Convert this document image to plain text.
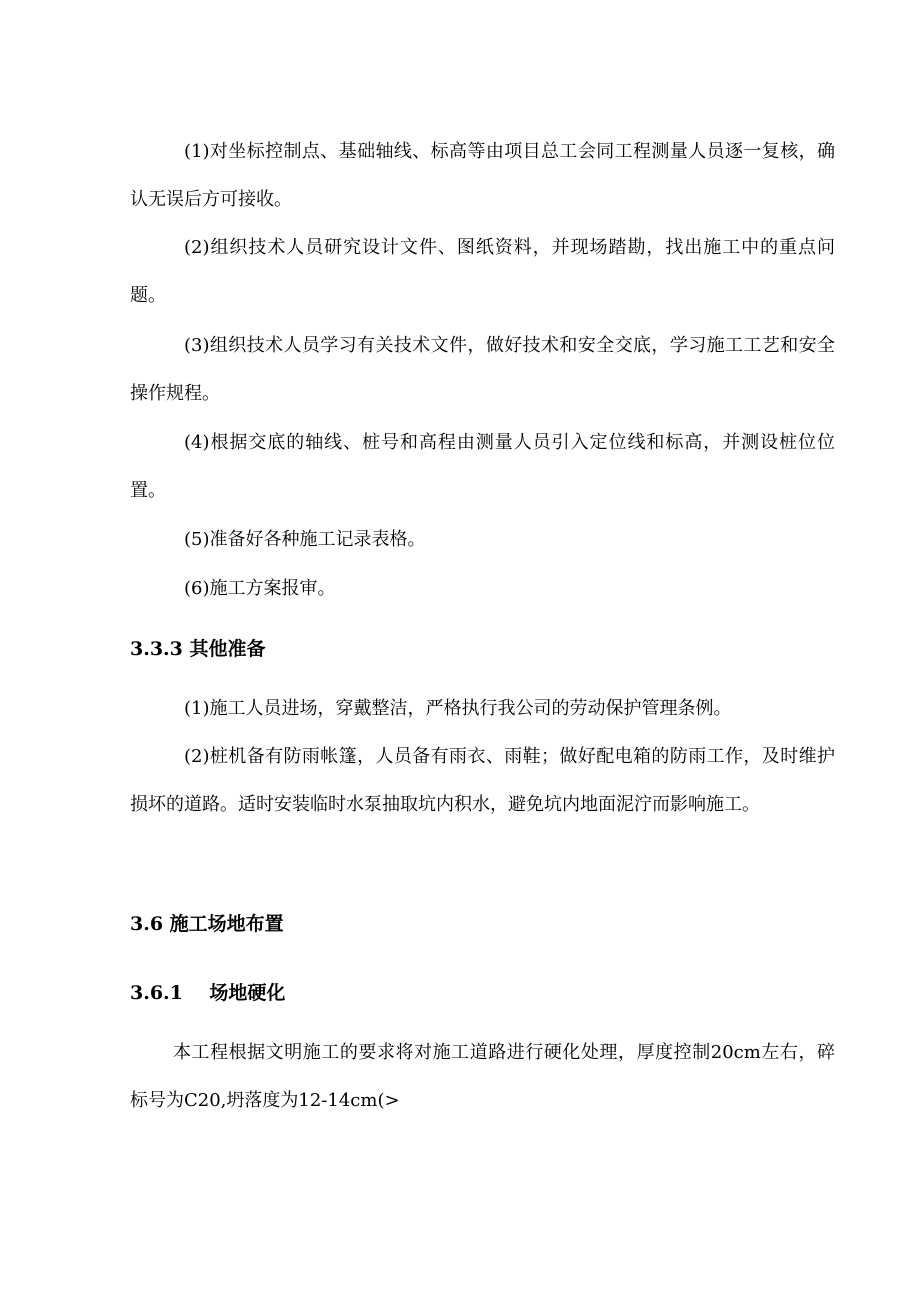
(1)对坐标控制点、基础轴线、标高等由项目总工会同工程测量人员逐一复核，确认无误后方可接收。

(2)组织技术人员研究设计文件、图纸资料，并现场踏勘，找出施工中的重点问题。

(3)组织技术人员学习有关技术文件，做好技术和安全交底，学习施工工艺和安全操作规程。

(4)根据交底的轴线、桩号和高程由测量人员引入定位线和标高，并测设桩位位置。

(5)准备好各种施工记录表格。

(6)施工方案报审。

3.3.3 其他准备

(1)施工人员进场，穿戴整洁，严格执行我公司的劳动保护管理条例。

(2)桩机备有防雨帐篷，人员备有雨衣、雨鞋；做好配电箱的防雨工作，及时维护损坏的道路。适时安装临时水泵抽取坑内积水，避免坑内地面泥泞而影响施工。

3.6 施工场地布置
3.6.1    场地硬化

本工程根据文明施工的要求将对施工道路进行硬化处理，厚度控制20cm左右，碎标号为C20,坍落度为12-14cm(>
